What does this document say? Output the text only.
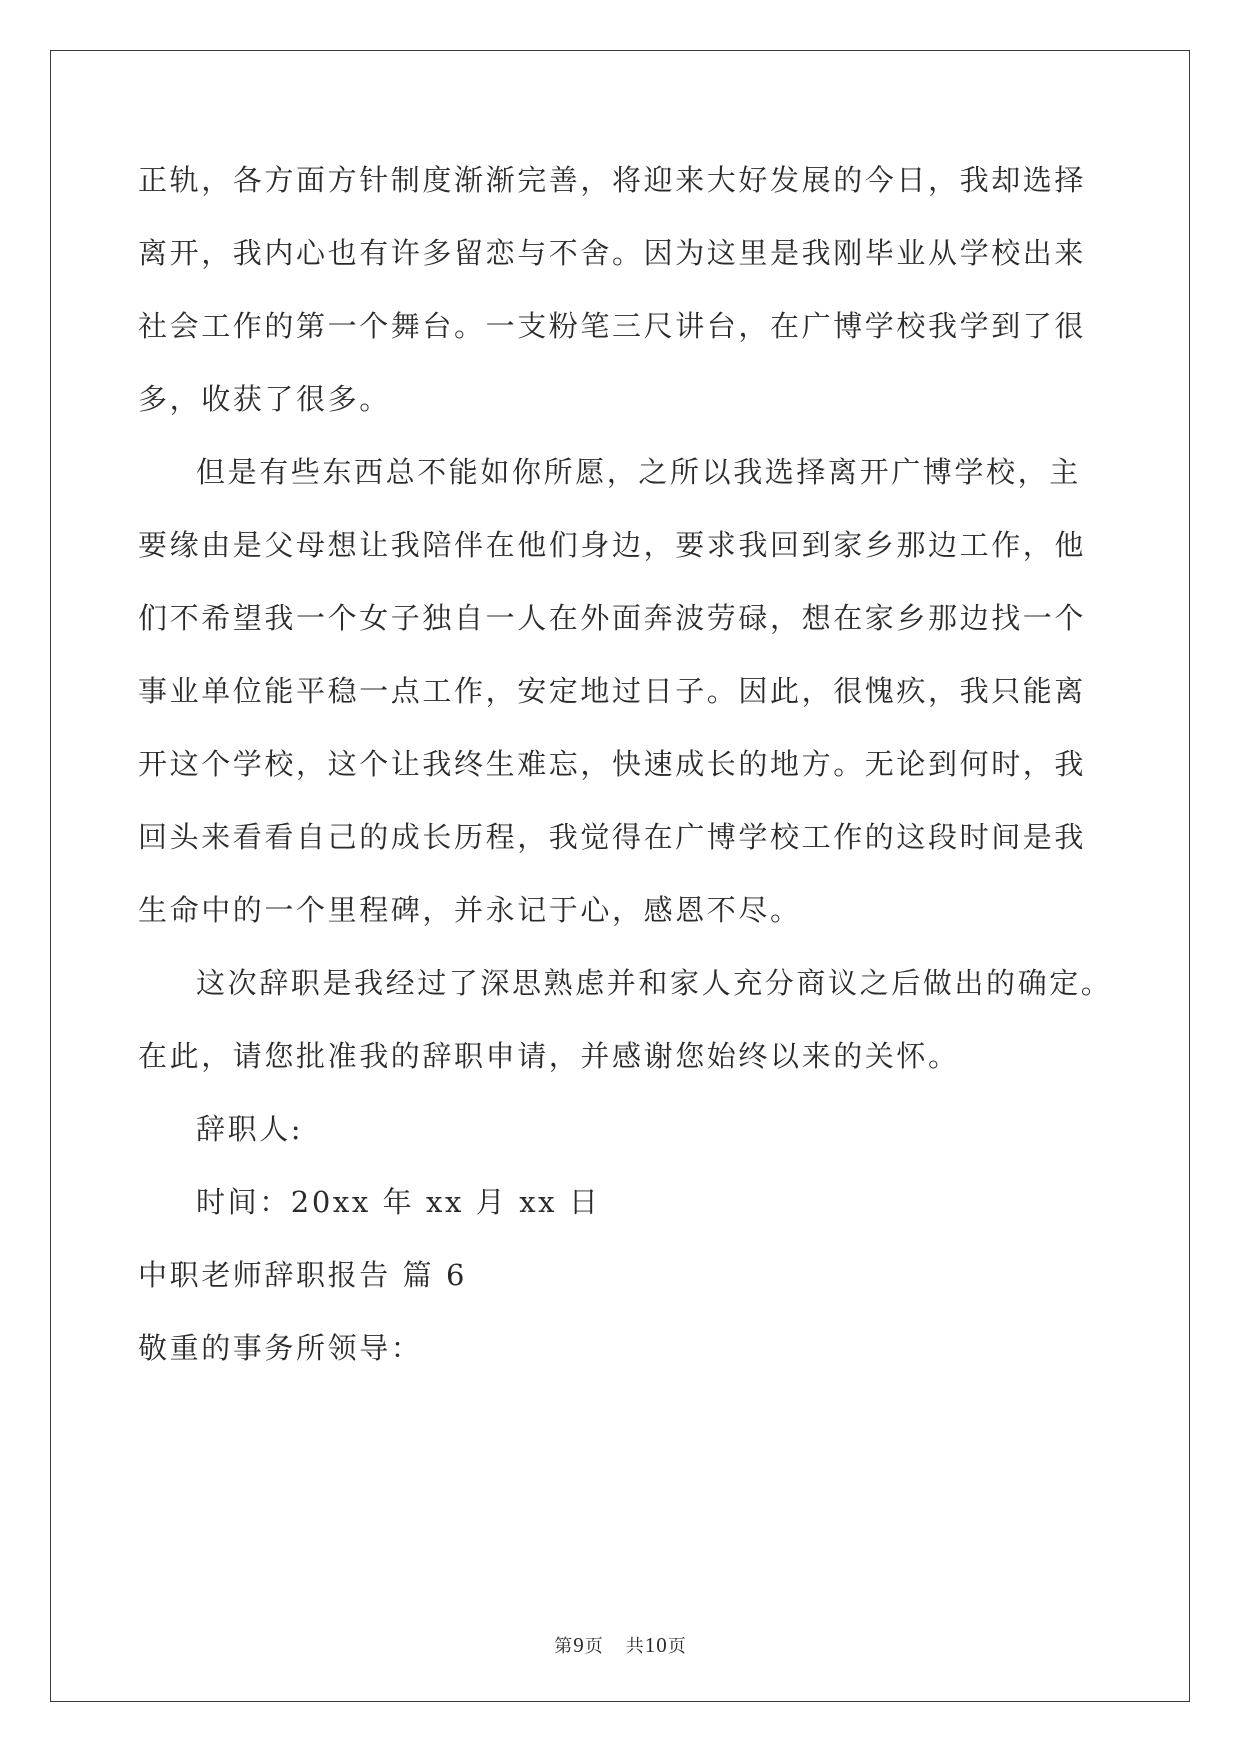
正轨，各方面方针制度渐渐完善，将迎来大好发展的今日，我却选择
离开，我内心也有许多留恋与不舍。因为这里是我刚毕业从学校出来
社会工作的第一个舞台。一支粉笔三尺讲台，在广博学校我学到了很
多，收获了很多。
但是有些东西总不能如你所愿，之所以我选择离开广博学校，主
要缘由是父母想让我陪伴在他们身边，要求我回到家乡那边工作，他
们不希望我一个女子独自一人在外面奔波劳碌，想在家乡那边找一个
事业单位能平稳一点工作，安定地过日子。因此，很愧疚，我只能离
开这个学校，这个让我终生难忘，快速成长的地方。无论到何时，我
回头来看看自己的成长历程，我觉得在广博学校工作的这段时间是我
生命中的一个里程碑，并永记于心，感恩不尽。
这次辞职是我经过了深思熟虑并和家人充分商议之后做出的确定。
在此，请您批准我的辞职申请，并感谢您始终以来的关怀。
辞职人:
时间：20xx 年 xx 月 xx 日
中职老师辞职报告 篇 6
敬重的事务所领导：
第9页 共10页
